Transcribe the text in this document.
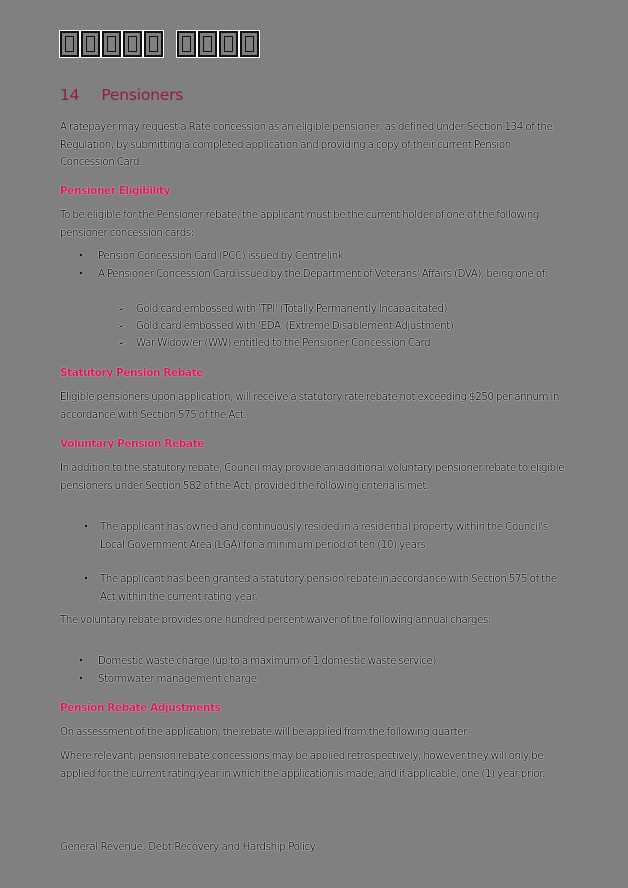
14 Pensioners
A ratepayer may request a Rate concession as an eligible pensioner, as defined under Section 134 of the Regulation, by submitting a completed application and providing a copy of their current Pension Concession Card.
Pensioner Eligibility
To be eligible for the Pensioner rebate, the applicant must be the current holder of one of the following pensioner concession cards:
• Pension Concession Card (PCC) issued by Centrelink
• A Pensioner Concession Card issued by the Department of Veterans' Affairs (DVA), being one of:
➢ Gold card embossed with 'TPI' (Totally Permanently Incapacitated)
➢ Gold card embossed with 'EDA' (Extreme Disablement Adjustment)
➢ War Widow/er (WW) entitled to the Pensioner Concession Card
Statutory Pension Rebate
Eligible pensioners upon application, will receive a statutory rate rebate not exceeding $250 per annum in accordance with Section 575 of the Act.
Voluntary Pension Rebate
In addition to the statutory rebate, Council may provide an additional voluntary pensioner rebate to eligible pensioners under Section 582 of the Act, provided the following criteria is met:
• The applicant has owned and continuously resided in a residential property within the Council's Local Government Area (LGA) for a minimum period of ten (10) years.
• The applicant has been granted a statutory pension rebate in accordance with Section 575 of the Act within the current rating year.
The voluntary rebate provides one hundred percent waiver of the following annual charges:
• Domestic waste charge (up to a maximum of 1 domestic waste service)
• Stormwater management charge.
Pension Rebate Adjustments
On assessment of the application, the rebate will be applied from the following quarter.
Where relevant, pension rebate concessions may be applied retrospectively, however they will only be applied for the current rating year in which the application is made, and if applicable, one (1) year prior.
General Revenue, Debt Recovery and Hardship Policy
